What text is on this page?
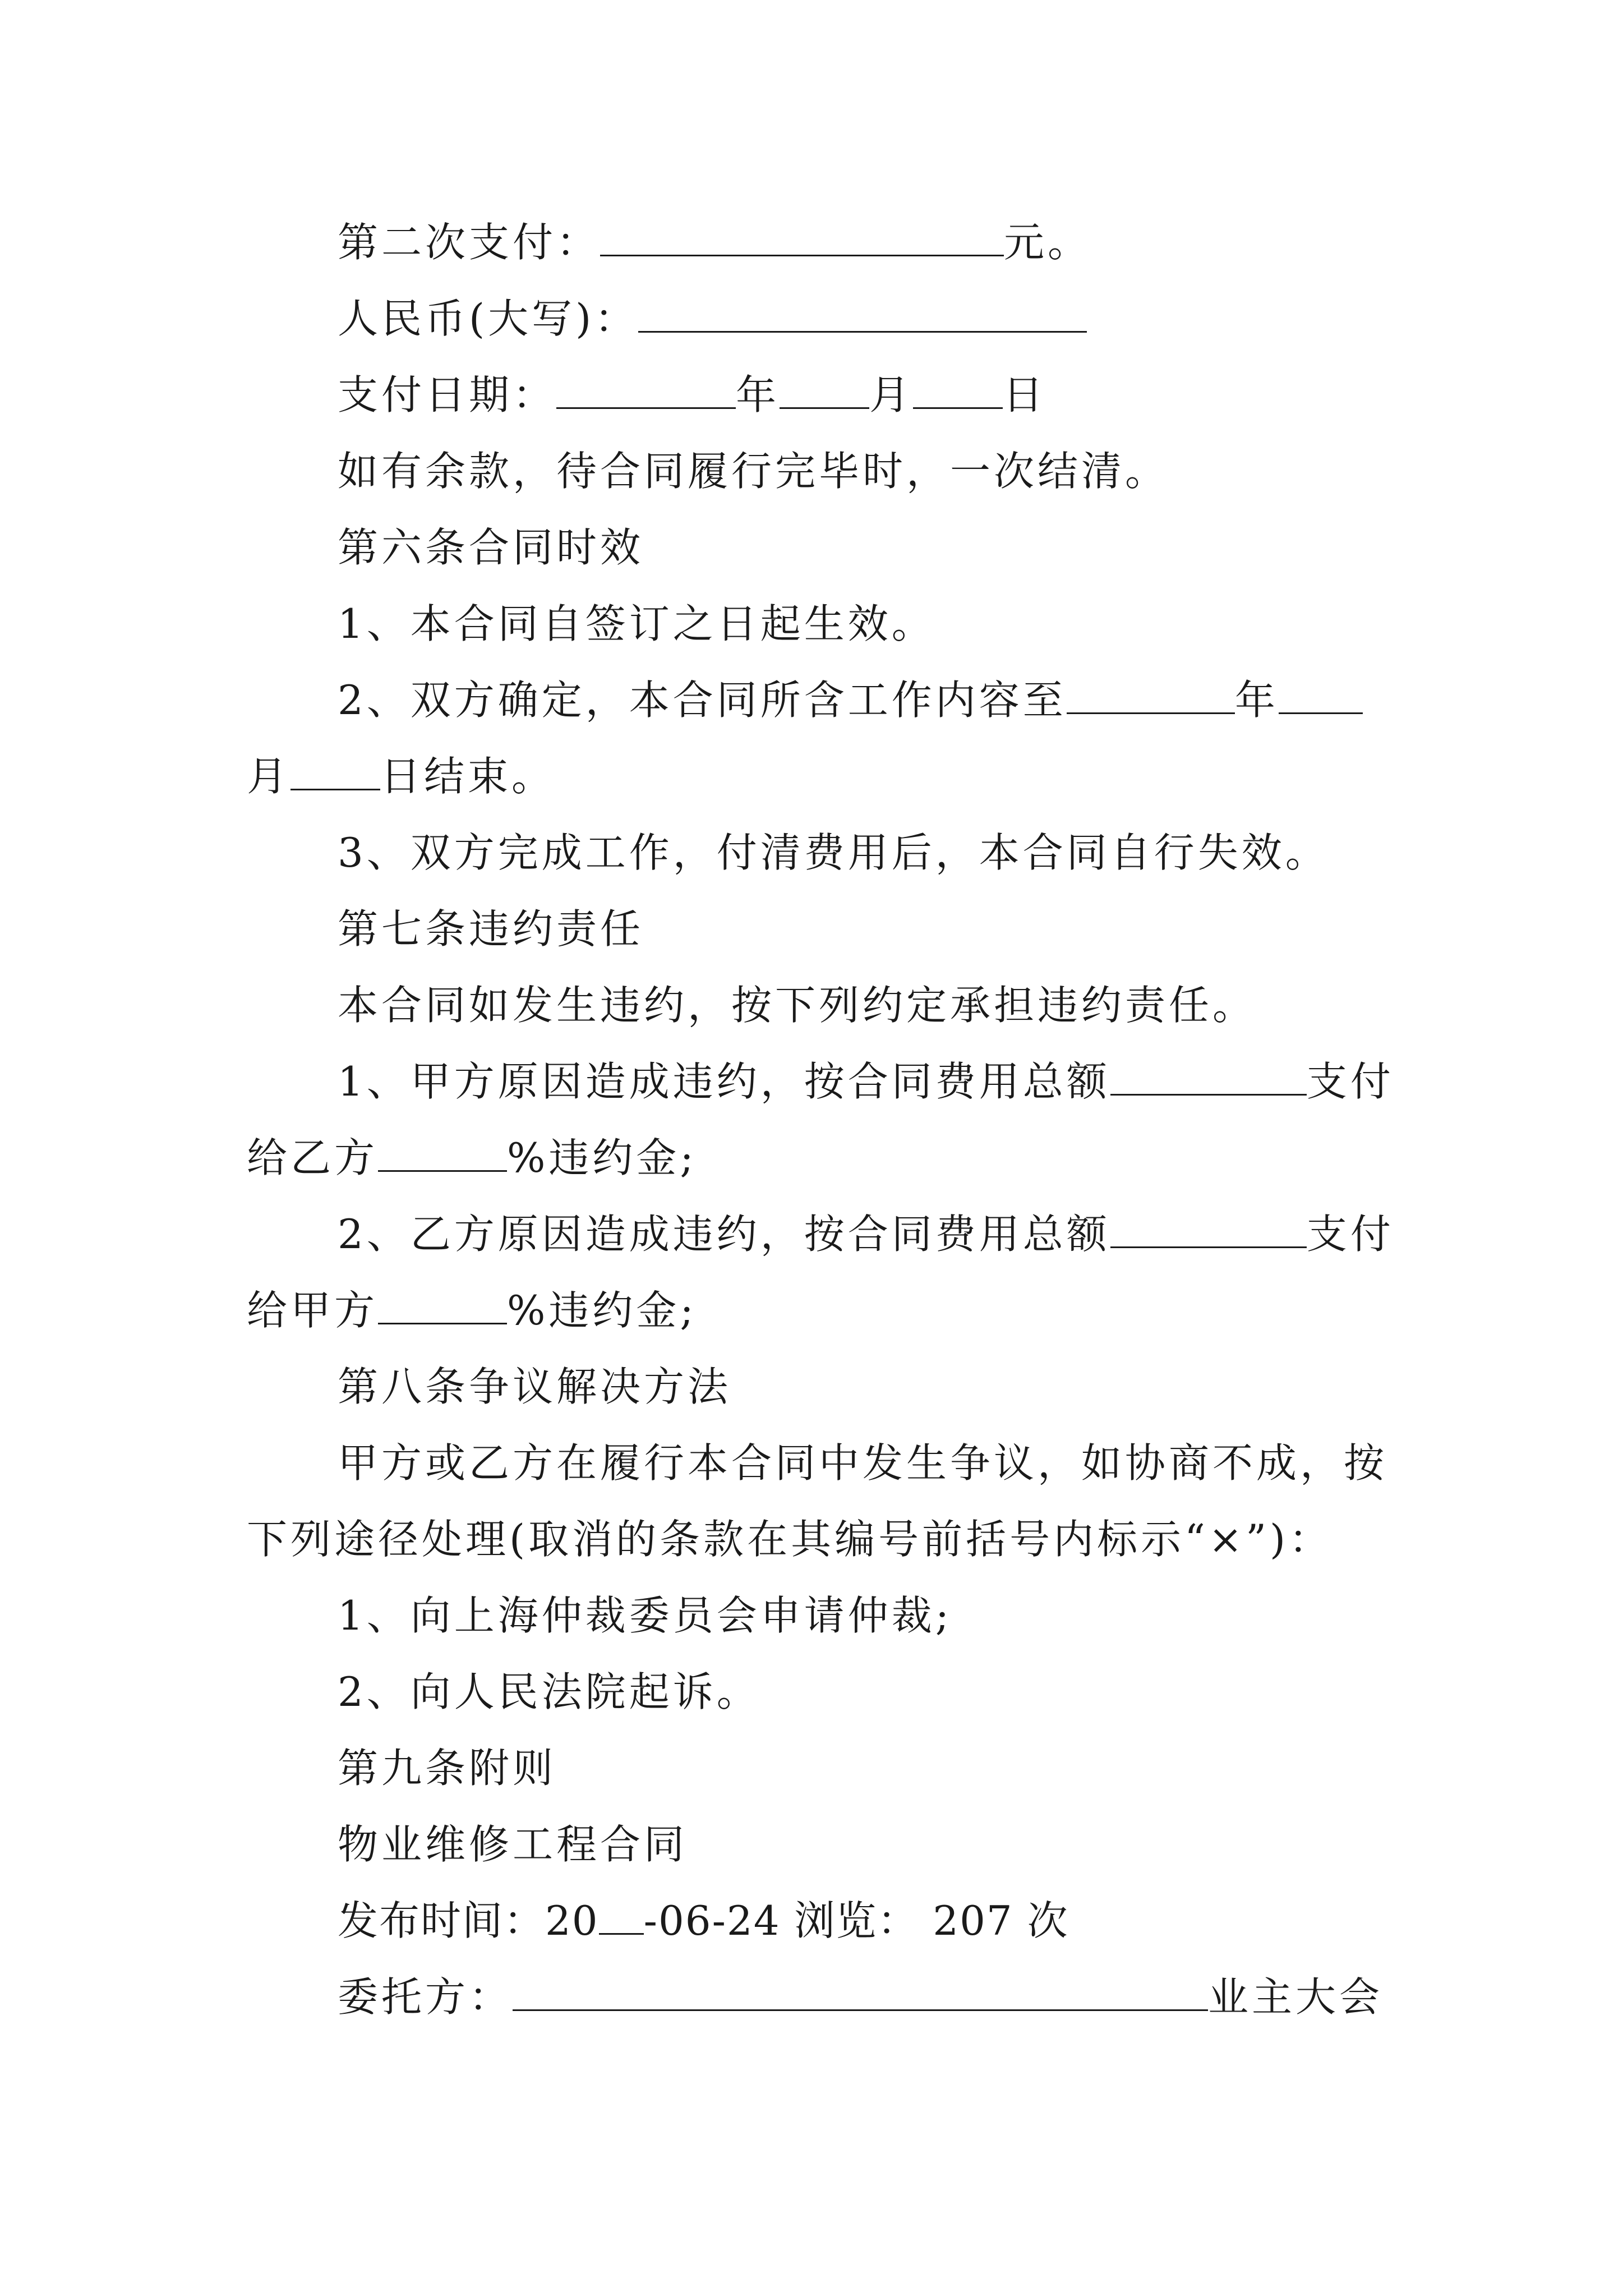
第二次支付：	元。
人民币(大写)：
支付日期：	年 月 日
如有余款，待合同履行完毕时，一次结清。
第六条合同时效
1、本合同自签订之日起生效。
2、双方确定，本合同所含工作内容至	年
月 日结束。
3、双方完成工作，付清费用后，本合同自行失效。
第七条违约责任
本合同如发生违约，按下列约定承担违约责任。
1、甲方原因造成违约，按合同费用总额	支付
给乙方	%违约金;
2、乙方原因造成违约，按合同费用总额	支付
给甲方	%违约金;
第八条争议解决方法
甲方或乙方在履行本合同中发生争议，如协商不成，按
下列途径处理(取消的条款在其编号前括号内标示“×”)：
1、向上海仲裁委员会申请仲裁;
2、向人民法院起诉。
第九条附则
物业维修工程合同
发布时间：20 -06-24 浏览： 207 次
委托方：	业主大会
